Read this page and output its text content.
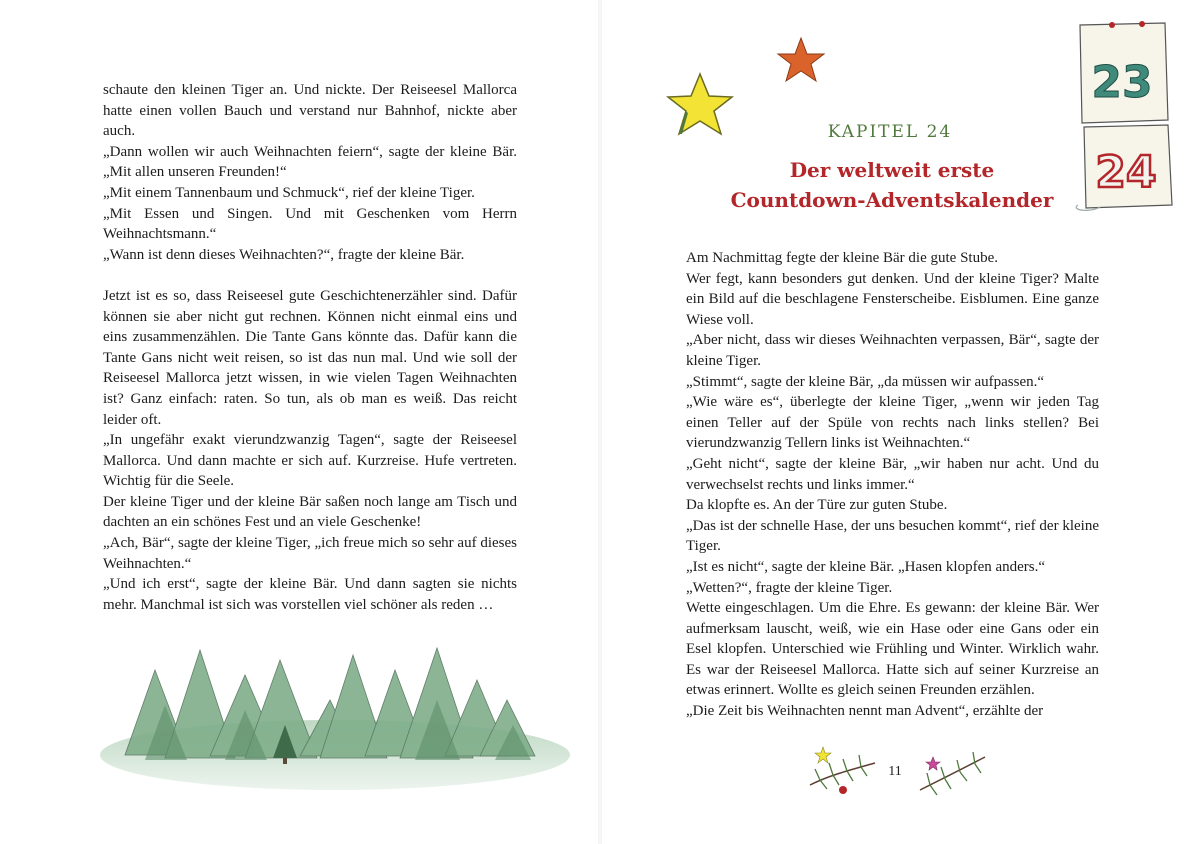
schaute den kleinen Tiger an. Und nickte. Der Reiseesel Mallorca hatte einen vollen Bauch und verstand nur Bahnhof, nickte aber auch.

„Dann wollen wir auch Weihnachten feiern“, sagte der kleine Bär. „Mit allen unseren Freunden!“

„Mit einem Tannenbaum und Schmuck“, rief der kleine Tiger.

„Mit Essen und Singen. Und mit Geschenken vom Herrn Weihnachtsmann.“

„Wann ist denn dieses Weihnachten?“, fragte der kleine Bär.

Jetzt ist es so, dass Reiseesel gute Geschichtenerzähler sind. Dafür können sie aber nicht gut rechnen. Können nicht einmal eins und eins zusammenzählen. Die Tante Gans könnte das. Dafür kann die Tante Gans nicht weit reisen, so ist das nun mal. Und wie soll der Reiseesel Mallorca jetzt wissen, in wie vielen Tagen Weihnachten ist? Ganz einfach: raten. So tun, als ob man es weiß. Das reicht leider oft.

„In ungefähr exakt vierundzwanzig Tagen“, sagte der Reiseesel Mallorca. Und dann machte er sich auf. Kurzreise. Hufe vertreten. Wichtig für die Seele.

Der kleine Tiger und der kleine Bär saßen noch lange am Tisch und dachten an ein schönes Fest und an viele Geschenke!

„Ach, Bär“, sagte der kleine Tiger, „ich freue mich so sehr auf dieses Weihnachten.“

„Und ich erst“, sagte der kleine Bär. Und dann sagten sie nichts mehr. Manchmal ist sich was vorstellen viel schöner als reden …

23
24
KAPITEL 24
Der weltweit erste
Countdown-Adventskalender

Am Nachmittag fegte der kleine Bär die gute Stube.

Wer fegt, kann besonders gut denken. Und der kleine Tiger? Malte ein Bild auf die beschlagene Fensterscheibe. Eisblumen. Eine ganze Wiese voll.

„Aber nicht, dass wir dieses Weihnachten verpassen, Bär“, sagte der kleine Tiger.

„Stimmt“, sagte der kleine Bär, „da müssen wir aufpassen.“

„Wie wäre es“, überlegte der kleine Tiger, „wenn wir jeden Tag einen Teller auf der Spüle von rechts nach links stellen? Bei vierundzwanzig Tellern links ist Weihnachten.“

„Geht nicht“, sagte der kleine Bär, „wir haben nur acht. Und du verwechselst rechts und links immer.“

Da klopfte es. An der Türe zur guten Stube.

„Das ist der schnelle Hase, der uns besuchen kommt“, rief der kleine Tiger.

„Ist es nicht“, sagte der kleine Bär. „Hasen klopfen anders.“

„Wetten?“, fragte der kleine Tiger.

Wette eingeschlagen. Um die Ehre. Es gewann: der kleine Bär. Wer aufmerksam lauscht, weiß, wie ein Hase oder eine Gans oder ein Esel klopfen. Unterschied wie Frühling und Winter. Wirklich wahr. Es war der Reiseesel Mallorca. Hatte sich auf seiner Kurzreise an etwas erinnert. Wollte es gleich seinen Freunden erzählen.

„Die Zeit bis Weihnachten nennt man Advent“, erzählte der

11
